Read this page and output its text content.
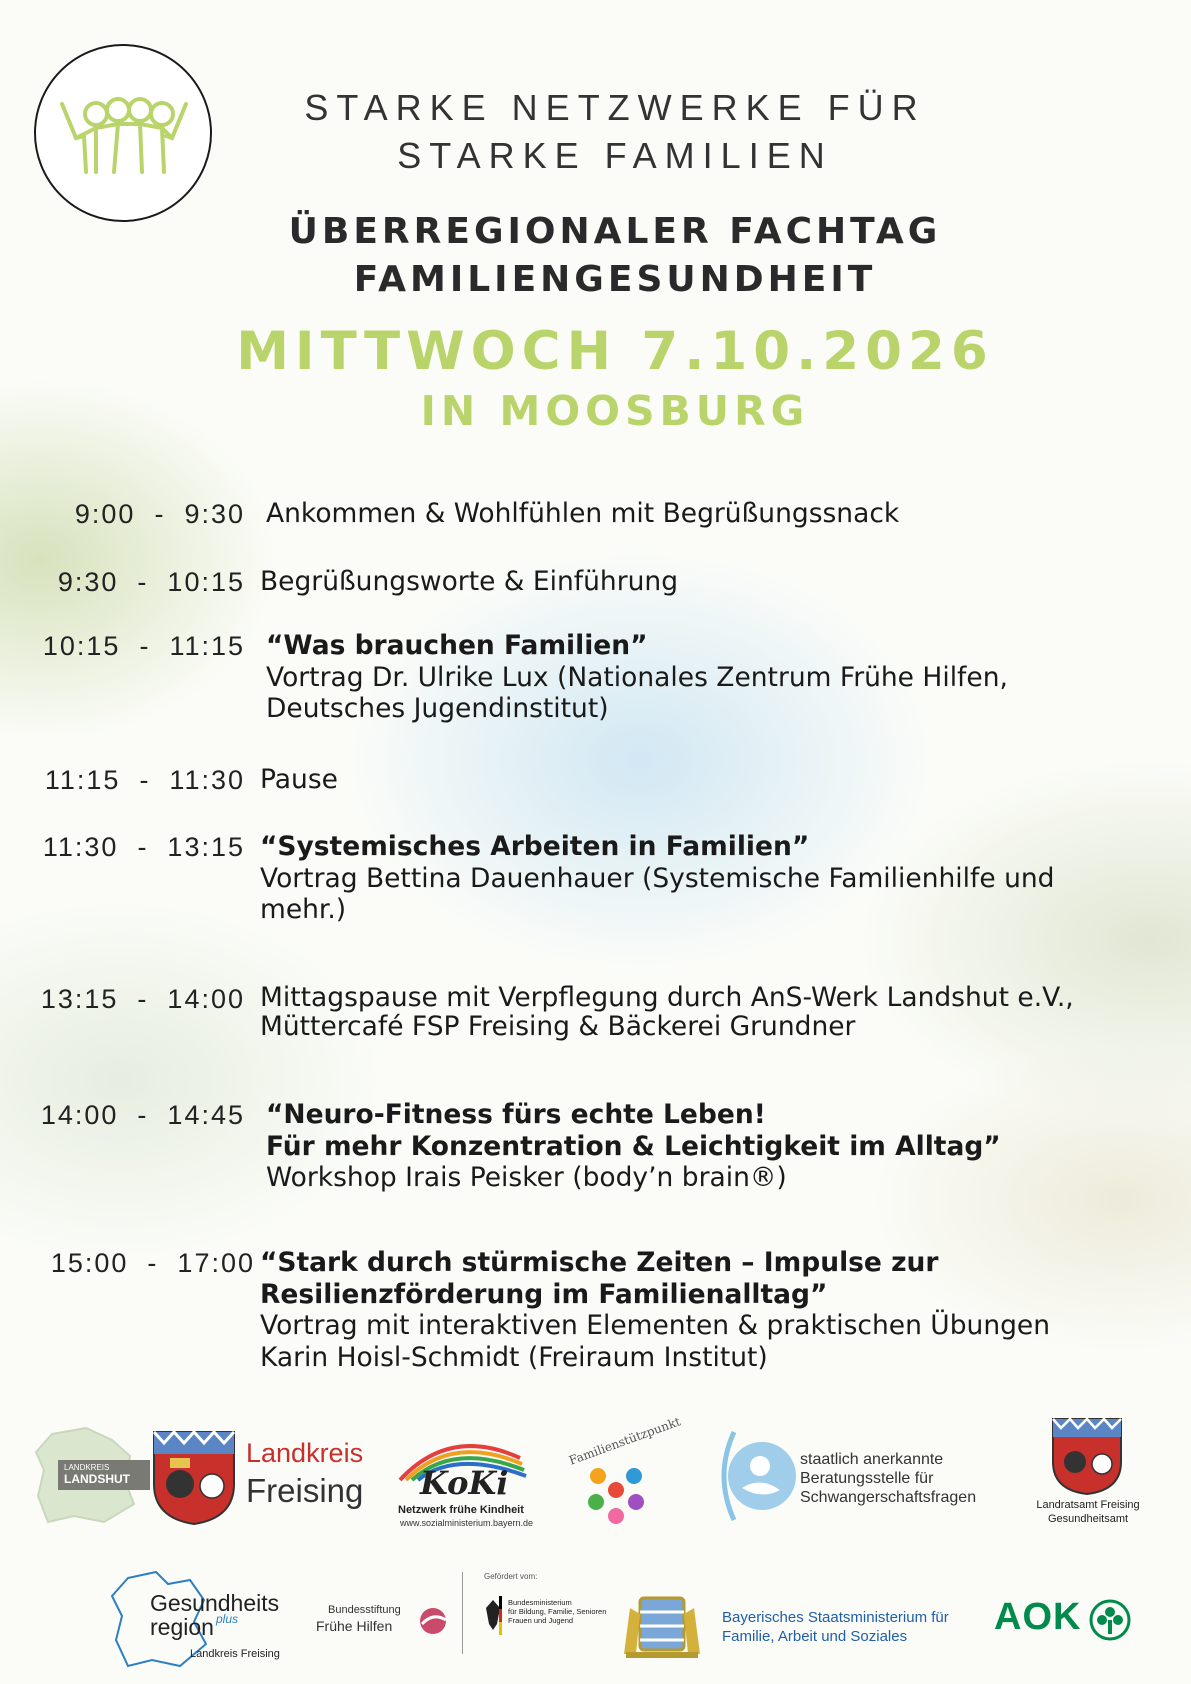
STARKE NETZWERKE FÜR
STARKE FAMILIEN
ÜBERREGIONALER FACHTAG
FAMILIENGESUNDHEIT
MITTWOCH 7.10.2026
IN MOOSBURG
9:00  -  9:30 Ankommen & Wohlfühlen mit Begrüßungssnack
9:30  -  10:15 Begrüßungsworte & Einführung
10:15  -  11:15 “Was brauchen Familien”
Vortrag Dr. Ulrike Lux (Nationales Zentrum Frühe Hilfen,
Deutsches Jugendinstitut)
11:15  -  11:30 Pause
11:30  -  13:15 “Systemisches Arbeiten in Familien”
Vortrag Bettina Dauenhauer (Systemische Familienhilfe und
mehr.)
13:15  -  14:00 Mittagspause mit Verpflegung durch AnS-Werk Landshut e.V.,
Müttercafé FSP Freising & Bäckerei Grundner
14:00  -  14:45 “Neuro-Fitness fürs echte Leben!
Für mehr Konzentration & Leichtigkeit im Alltag”
Workshop Irais Peisker (body’n brain®)
15:00  -  17:00 “Stark durch stürmische Zeiten – Impulse zur
Resilienzförderung im Familienalltag”
Vortrag mit interaktiven Elementen & praktischen Übungen
Karin Hoisl-Schmidt (Freiraum Institut)
LANDKREIS
LANDSHUT
Landkreis
Freising KoKi
Netzwerk frühe Kindheit
www.sozialministerium.bayern.de
Familienstützpunkt	staatlich anerkannte
Beratungsstelle für
Schwangerschaftsfragen	Landratsamt Freising
Gesundheitsamt
Gesundheits
region plus
Landkreis Freising
Bundesstiftung
Frühe Hilfen
Gefördert vom:
Bundesministerium
für Bildung, Familie, Senioren
Frauen und Jugend	Bayerisches Staatsministerium für
Familie, Arbeit und Soziales	AOK
